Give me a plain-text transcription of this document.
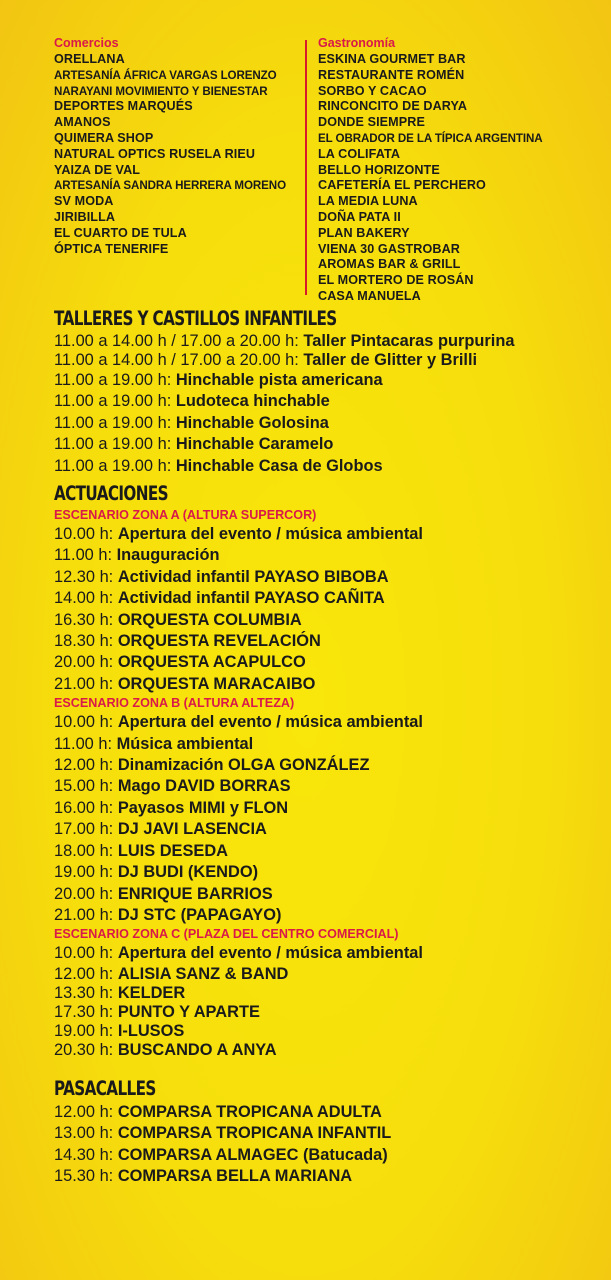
Comercios
ORELLANA
ARTESANÍA ÁFRICA VARGAS LORENZO
NARAYANI MOVIMIENTO Y BIENESTAR
DEPORTES MARQUÉS
AMANOS
QUIMERA SHOP
NATURAL OPTICS RUSELA RIEU
YAIZA DE VAL
ARTESANÍA SANDRA HERRERA MORENO
SV MODA
JIRIBILLA
EL CUARTO DE TULA
ÓPTICA TENERIFE
Gastronomía
ESKINA GOURMET BAR
RESTAURANTE ROMÉN
SORBO Y CACAO
RINCONCITO DE DARYA
DONDE SIEMPRE
EL OBRADOR DE LA TÍPICA ARGENTINA
LA COLIFATA
BELLO HORIZONTE
CAFETERÍA EL PERCHERO
LA MEDIA LUNA
DOÑA PATA II
PLAN BAKERY
VIENA 30 GASTROBAR
AROMAS BAR & GRILL
EL MORTERO DE ROSÁN
CASA MANUELA
TALLERES Y CASTILLOS INFANTILES
11.00 a 14.00 h / 17.00 a 20.00 h: Taller Pintacaras purpurina
11.00 a 14.00 h / 17.00 a 20.00 h: Taller de Glitter y Brilli
11.00 a 19.00 h: Hinchable pista americana
11.00 a 19.00 h: Ludoteca hinchable
11.00 a 19.00 h: Hinchable Golosina
11.00 a 19.00 h: Hinchable Caramelo
11.00 a 19.00 h: Hinchable Casa de Globos
ACTUACIONES
ESCENARIO ZONA A (ALTURA SUPERCOR)
10.00 h: Apertura del evento / música ambiental
11.00 h: Inauguración
12.30 h: Actividad infantil PAYASO BIBOBA
14.00 h: Actividad infantil PAYASO CAÑITA
16.30 h: ORQUESTA COLUMBIA
18.30 h: ORQUESTA REVELACIÓN
20.00 h: ORQUESTA ACAPULCO
21.00 h: ORQUESTA MARACAIBO
ESCENARIO ZONA B (ALTURA ALTEZA)
10.00 h: Apertura del evento / música ambiental
11.00 h: Música ambiental
12.00 h: Dinamización OLGA GONZÁLEZ
15.00 h: Mago DAVID BORRAS
16.00 h: Payasos MIMI y FLON
17.00 h: DJ JAVI LASENCIA
18.00 h: LUIS DESEDA
19.00 h: DJ BUDI (KENDO)
20.00 h: ENRIQUE BARRIOS
21.00 h: DJ STC (PAPAGAYO)
ESCENARIO ZONA C (PLAZA DEL CENTRO COMERCIAL)
10.00 h: Apertura del evento / música ambiental
12.00 h: ALISIA SANZ & BAND
13.30 h: KELDER
17.30 h: PUNTO Y APARTE
19.00 h: I-LUSOS
20.30 h: BUSCANDO A ANYA
PASACALLES
12.00 h: COMPARSA TROPICANA ADULTA
13.00 h: COMPARSA TROPICANA INFANTIL
14.30 h: COMPARSA ALMAGEC (Batucada)
15.30 h: COMPARSA BELLA MARIANA
